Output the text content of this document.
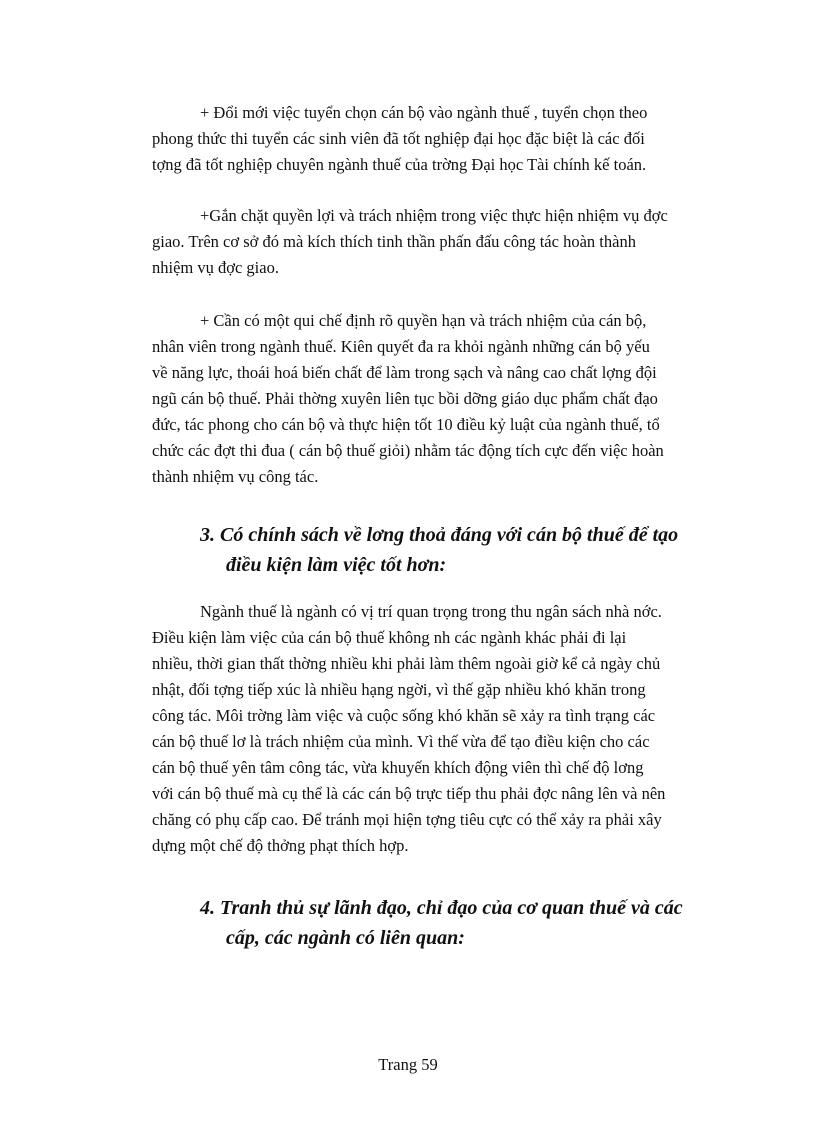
+ Đổi mới việc tuyển chọn cán bộ vào ngành thuế , tuyển chọn theo
phong thức thi tuyển các sinh viên đã tốt nghiệp đại học đặc biệt là các đối
tợng đã tốt nghiệp chuyên ngành thuế của trờng Đại học Tài chính kế toán.
+Gắn chặt quyền lợi và trách nhiệm trong việc thực hiện nhiệm vụ đợc
giao. Trên cơ sở đó mà kích thích tinh thần phấn đấu công tác hoàn thành
nhiệm vụ đợc giao.
+ Cần có một qui chế định rõ quyền hạn và trách nhiệm của cán bộ,
nhân viên trong ngành thuế. Kiên quyết đa ra khỏi ngành những cán bộ yếu
về năng lực, thoái hoá biến chất để làm trong sạch và nâng cao chất lợng đội
ngũ cán bộ thuế. Phải thờng xuyên liên tục bồi dỡng giáo dục phẩm chất đạo
đức, tác phong cho cán bộ và thực hiện tốt 10 điều kỷ luật của ngành thuế, tổ
chức các đợt thi đua ( cán bộ thuế giỏi) nhằm tác động tích cực đến việc hoàn
thành nhiệm vụ công tác.
3. Có chính sách về lơng thoả đáng với cán bộ thuế để tạo
điều kiện làm việc tốt hơn:
Ngành thuế là ngành có vị trí quan trọng trong thu ngân sách nhà nớc.
Điều kiện làm việc của cán bộ thuế không nh các ngành khác phải đi lại
nhiều, thời gian thất thờng nhiều khi phải làm thêm ngoài giờ kể cả ngày chủ
nhật, đối tợng tiếp xúc là nhiều hạng ngời, vì thế gặp nhiều khó khăn trong
công tác. Môi trờng làm việc và cuộc sống khó khăn sẽ xảy ra tình trạng các
cán bộ thuế lơ là trách nhiệm của mình. Vì thế vừa để tạo điều kiện cho các
cán bộ thuế yên tâm công tác, vừa khuyến khích động viên thì chế độ lơng
với cán bộ thuế mà cụ thể là các cán bộ trực tiếp thu phải đợc nâng lên và nên
chăng có phụ cấp cao. Để tránh mọi hiện tợng tiêu cực có thể xảy ra phải xây
dựng một chế độ thởng phạt thích hợp.
4. Tranh thủ sự lãnh đạo, chỉ đạo của cơ quan thuế và các
cấp, các ngành có liên quan:
Trang 59
